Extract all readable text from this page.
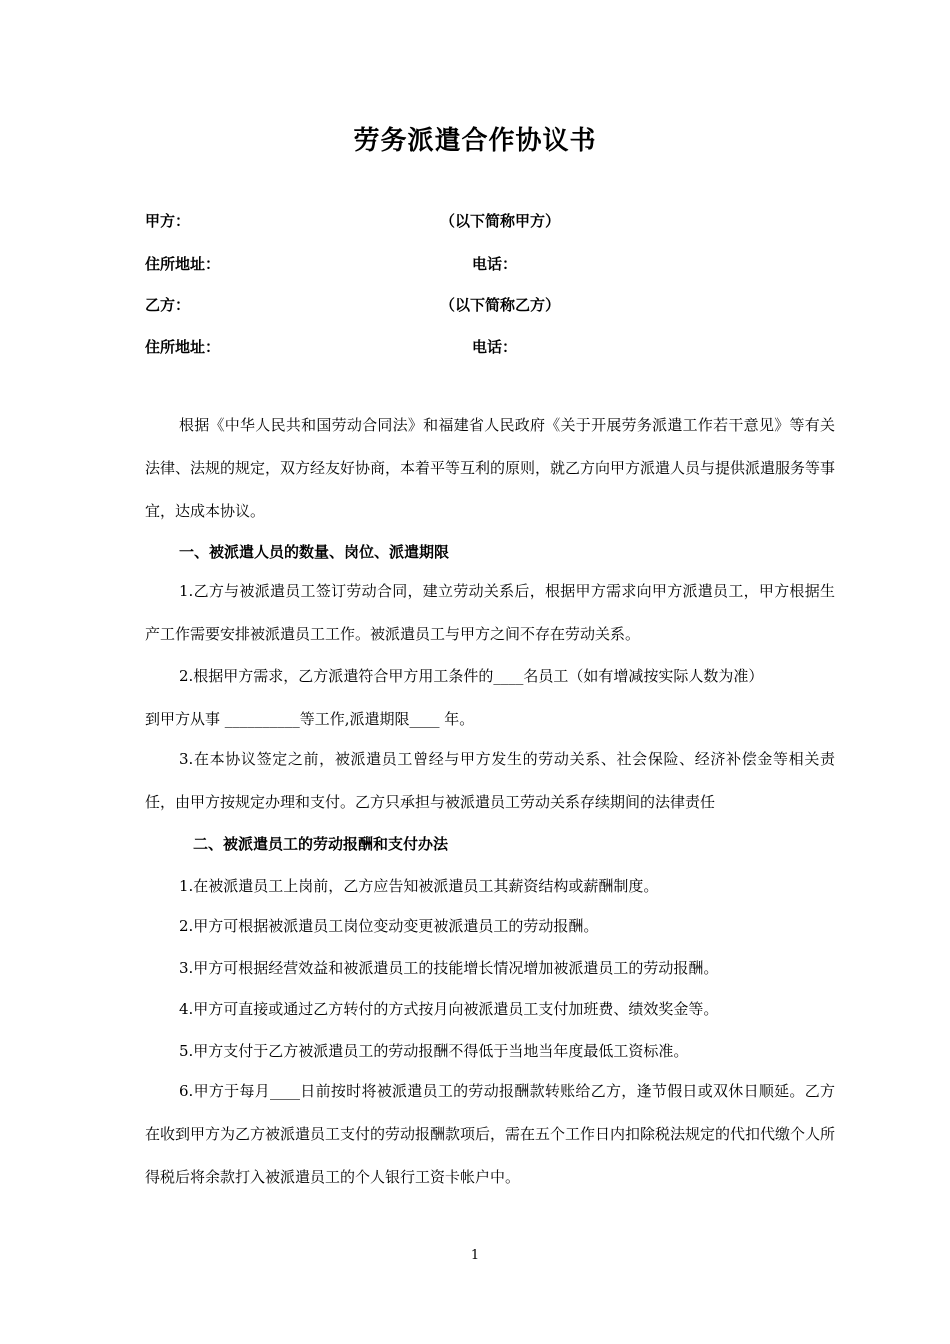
劳务派遣合作协议书
甲方：	（以下简称甲方）
住所地址：	电话：
乙方：	（以下简称乙方）
住所地址：	电话：
根据《中华人民共和国劳动合同法》和福建省人民政府《关于开展劳务派遣工作若干意见》等有关法律、法规的规定，双方经友好协商，本着平等互利的原则，就乙方向甲方派遣人员与提供派遣服务等事宜，达成本协议。
一、被派遣人员的数量、岗位、派遣期限
1.乙方与被派遣员工签订劳动合同，建立劳动关系后，根据甲方需求向甲方派遣员工，甲方根据生产工作需要安排被派遣员工工作。被派遣员工与甲方之间不存在劳动关系。
2.根据甲方需求，乙方派遣符合甲方用工条件的____名员工（如有增减按实际人数为准）
到甲方从事 __________等工作,派遣期限____ 年。
3.在本协议签定之前，被派遣员工曾经与甲方发生的劳动关系、社会保险、经济补偿金等相关责任，由甲方按规定办理和支付。乙方只承担与被派遣员工劳动关系存续期间的法律责任
二、被派遣员工的劳动报酬和支付办法
1.在被派遣员工上岗前，乙方应告知被派遣员工其薪资结构或薪酬制度。
2.甲方可根据被派遣员工岗位变动变更被派遣员工的劳动报酬。
3.甲方可根据经营效益和被派遣员工的技能增长情况增加被派遣员工的劳动报酬。
4.甲方可直接或通过乙方转付的方式按月向被派遣员工支付加班费、绩效奖金等。
5.甲方支付于乙方被派遣员工的劳动报酬不得低于当地当年度最低工资标准。
6.甲方于每月____日前按时将被派遣员工的劳动报酬款转账给乙方，逢节假日或双休日顺延。乙方在收到甲方为乙方被派遣员工支付的劳动报酬款项后，需在五个工作日内扣除税法规定的代扣代缴个人所得税后将余款打入被派遣员工的个人银行工资卡帐户中。
1
